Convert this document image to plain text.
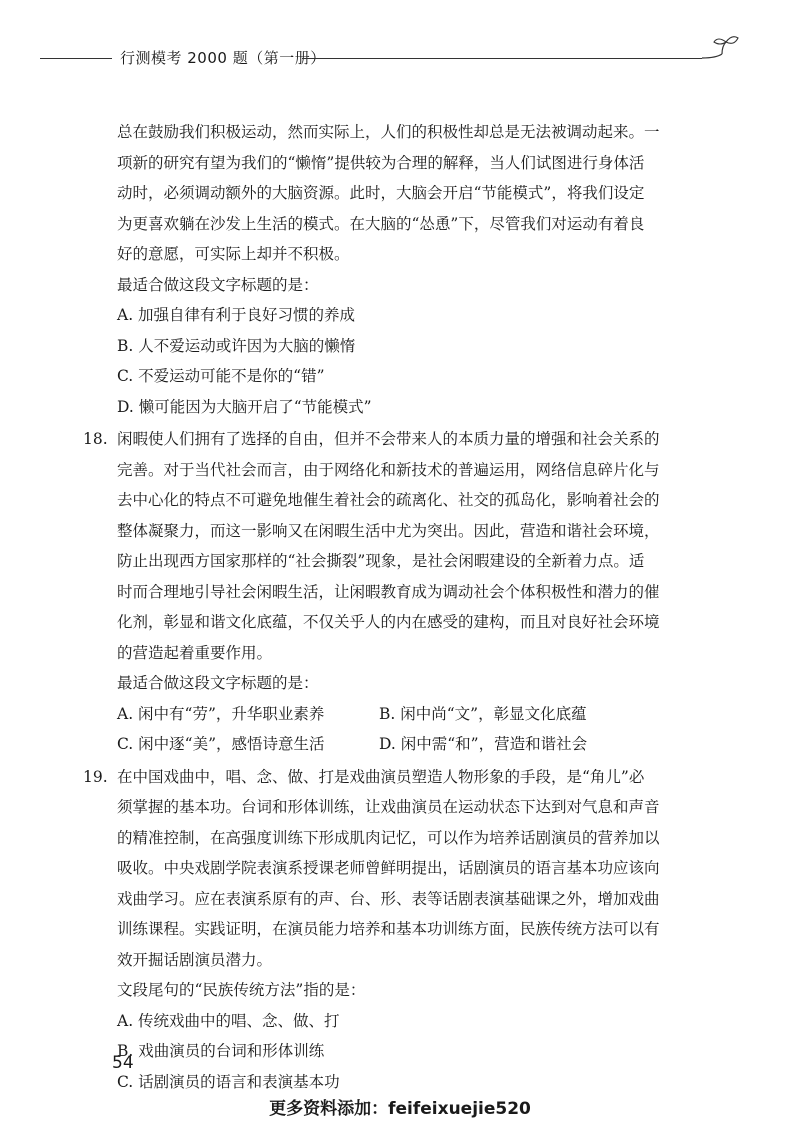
行测模考 2000 题（第一册）

总在鼓励我们积极运动，然而实际上，人们的积极性却总是无法被调动起来。一

项新的研究有望为我们的“懒惰”提供较为合理的解释，当人们试图进行身体活

动时，必须调动额外的大脑资源。此时，大脑会开启“节能模式”，将我们设定

为更喜欢躺在沙发上生活的模式。在大脑的“怂恿”下，尽管我们对运动有着良

好的意愿，可实际上却并不积极。

最适合做这段文字标题的是：

A. 加强自律有利于良好习惯的养成

B. 人不爱运动或许因为大脑的懒惰

C. 不爱运动可能不是你的“错”

D. 懒可能因为大脑开启了“节能模式”

18. 闲暇使人们拥有了选择的自由，但并不会带来人的本质力量的增强和社会关系的

完善。对于当代社会而言，由于网络化和新技术的普遍运用，网络信息碎片化与

去中心化的特点不可避免地催生着社会的疏离化、社交的孤岛化，影响着社会的

整体凝聚力，而这一影响又在闲暇生活中尤为突出。因此，营造和谐社会环境，

防止出现西方国家那样的“社会撕裂”现象，是社会闲暇建设的全新着力点。适

时而合理地引导社会闲暇生活，让闲暇教育成为调动社会个体积极性和潜力的催

化剂，彰显和谐文化底蕴，不仅关乎人的内在感受的建构，而且对良好社会环境

的营造起着重要作用。

最适合做这段文字标题的是：

A. 闲中有“劳”，升华职业素养	B. 闲中尚“文”，彰显文化底蕴

C. 闲中逐“美”，感悟诗意生活	D. 闲中需“和”，营造和谐社会

19. 在中国戏曲中，唱、念、做、打是戏曲演员塑造人物形象的手段，是“角儿”必

须掌握的基本功。台词和形体训练，让戏曲演员在运动状态下达到对气息和声音

的精准控制，在高强度训练下形成肌肉记忆，可以作为培养话剧演员的营养加以

吸收。中央戏剧学院表演系授课老师曾鲜明提出，话剧演员的语言基本功应该向

戏曲学习。应在表演系原有的声、台、形、表等话剧表演基础课之外，增加戏曲

训练课程。实践证明，在演员能力培养和基本功训练方面，民族传统方法可以有

效开掘话剧演员潜力。

文段尾句的“民族传统方法”指的是：

A. 传统戏曲中的唱、念、做、打

B. 戏曲演员的台词和形体训练

C. 话剧演员的语言和表演基本功

54
更多资料添加：feifeixuejie520
